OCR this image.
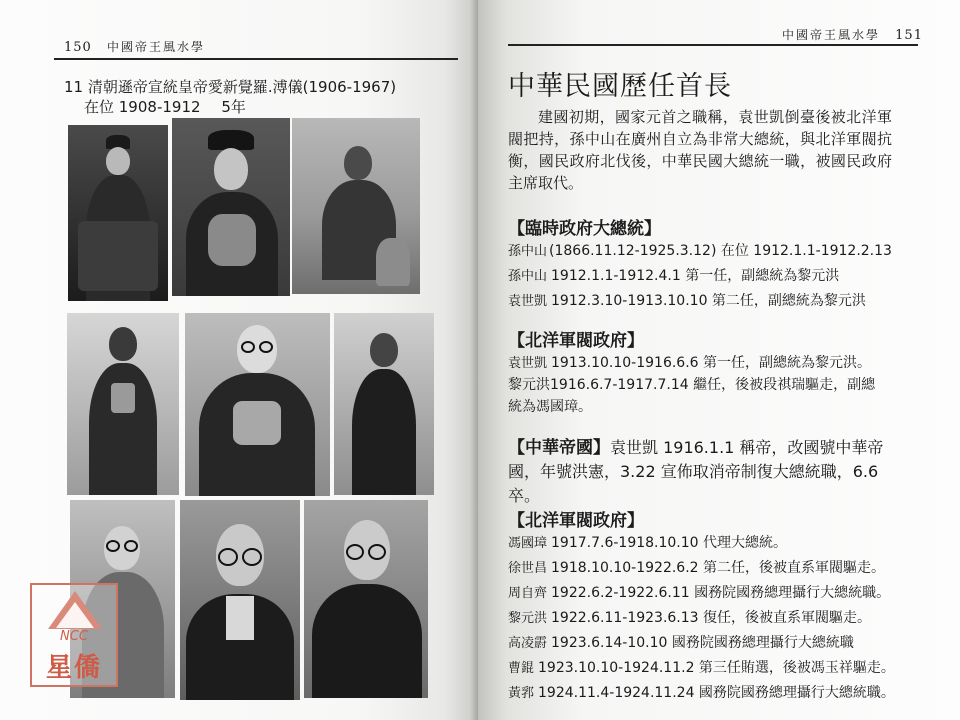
150 中國帝王風水學
11 清朝遜帝宣統皇帝愛新覺羅.溥儀(1906-1967)
在位 1908-1912 5年
NCC
星僑
中國帝王風水學 151
中華民國歷任首長
建國初期，國家元首之職稱，袁世凱倒臺後被北洋軍閥把持，孫中山在廣州自立為非常大總統，與北洋軍閥抗衡，國民政府北伐後，中華民國大總統一職，被國民政府主席取代。
【臨時政府大總統】
孫中山 (1866.11.12-1925.3.12) 在位 1912.1.1-1912.2.13
孫中山 1912.1.1-1912.4.1 第一任，副總統為黎元洪
袁世凱 1912.3.10-1913.10.10 第二任，副總統為黎元洪
【北洋軍閥政府】
袁世凱 1913.10.10-1916.6.6 第一任，副總統為黎元洪。
黎元洪1916.6.7-1917.7.14 繼任，後被段祺瑞驅走，副總統為馮國璋。
【中華帝國】袁世凱 1916.1.1 稱帝，改國號中華帝國，年號洪憲，3.22 宣佈取消帝制復大總統職，6.6 卒。
【北洋軍閥政府】
馮國璋 1917.7.6-1918.10.10 代理大總統。
徐世昌 1918.10.10-1922.6.2 第二任，後被直系軍閥驅走。
周自齊 1922.6.2-1922.6.11 國務院國務總理攝行大總統職。
黎元洪 1922.6.11-1923.6.13 復任，後被直系軍閥驅走。
高凌霨 1923.6.14-10.10 國務院國務總理攝行大總統職
曹錕 1923.10.10-1924.11.2 第三任賄選，後被馮玉祥驅走。
黃郛 1924.11.4-1924.11.24 國務院國務總理攝行大總統職。
